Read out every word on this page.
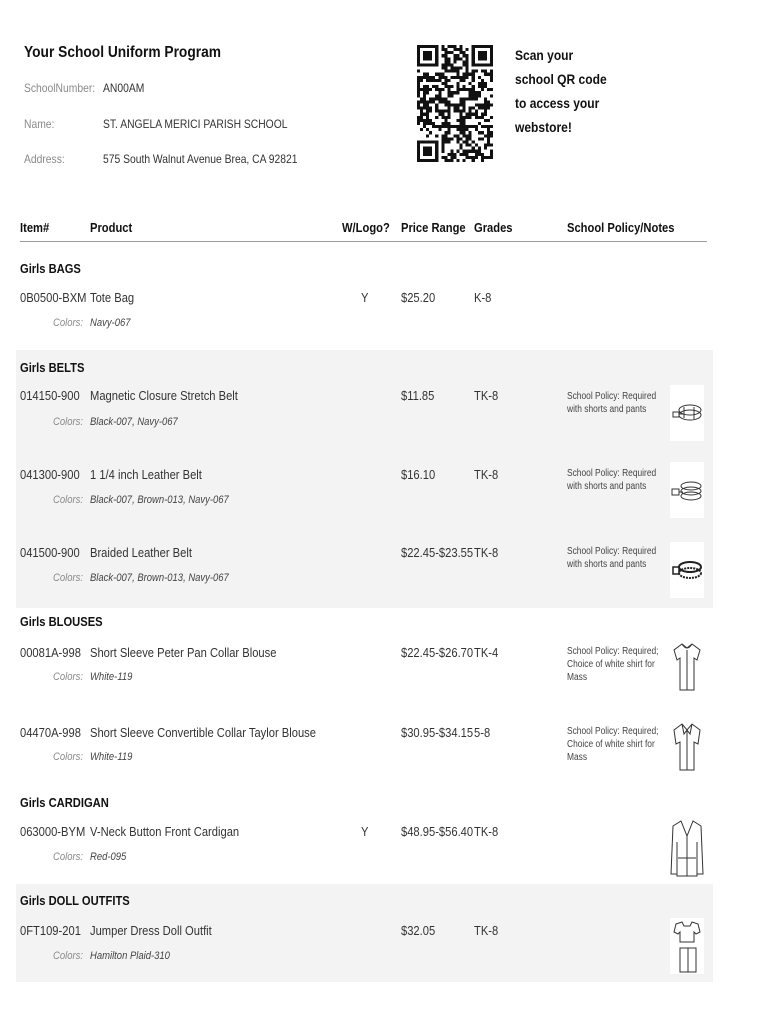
Your School Uniform Program
SchoolNumber: AN00AM
Name:	ST. ANGELA MERICI PARISH SCHOOL
Address:	575 South Walnut Avenue Brea, CA 92821
Scan your
school QR code
to access your
webstore!
Item#	Product	W/Logo? Price Range Grades	School Policy/Notes
Girls BAGS
0B0500-BXM Tote Bag	Y	$25.20	K-8
Colors: Navy-067
Girls BELTS
014150-900 Magnetic Closure Stretch Belt	$11.85	TK-8	School Policy: Required
with shorts and pants
Colors: Black-007, Navy-067
041300-900 1 1/4 inch Leather Belt	$16.10	TK-8	School Policy: Required
with shorts and pants
Colors: Black-007, Brown-013, Navy-067
041500-900 Braided Leather Belt	$22.45-$23.55 TK-8	School Policy: Required
with shorts and pants
Colors: Black-007, Brown-013, Navy-067
Girls BLOUSES
00081A-998 Short Sleeve Peter Pan Collar Blouse	$22.45-$26.70 TK-4	School Policy: Required;
Choice of white shirt for
Mass
Colors: White-119
04470A-998 Short Sleeve Convertible Collar Taylor Blouse	$30.95-$34.15 5-8	School Policy: Required;
Choice of white shirt for
Mass
Colors: White-119
Girls CARDIGAN
063000-BYM V-Neck Button Front Cardigan	Y	$48.95-$56.40 TK-8
Colors: Red-095
Girls DOLL OUTFITS
0FT109-201 Jumper Dress Doll Outfit	$32.05	TK-8
Colors: Hamilton Plaid-310
